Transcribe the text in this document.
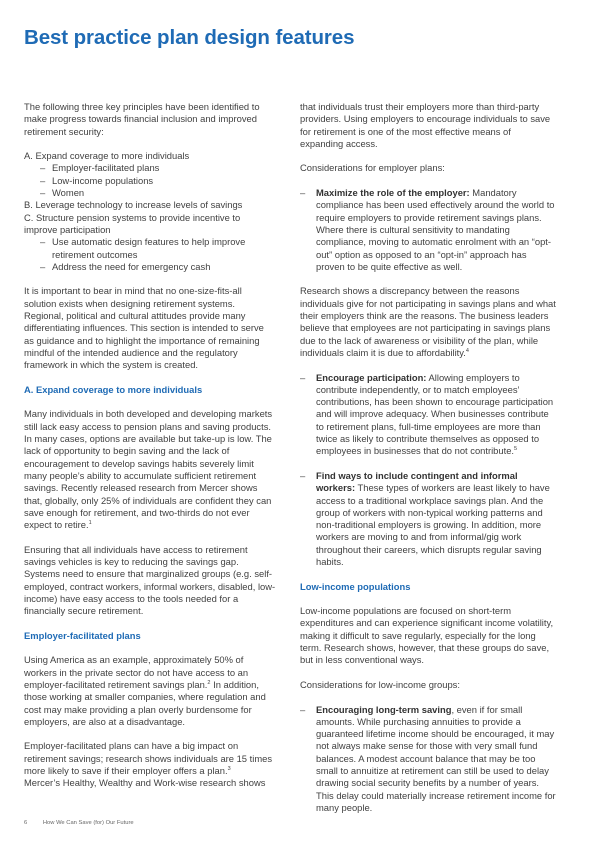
Best practice plan design features

The following three key principles have been identified to make progress towards financial inclusion and improved retirement security:

A. Expand coverage to more individuals

– Employer-facilitated plans

– Low-income populations

– Women

B. Leverage technology to increase levels of savings

C. Structure pension systems to provide incentive to improve participation

– Use automatic design features to help improve retirement outcomes

– Address the need for emergency cash

It is important to bear in mind that no one-size-fits-all solution exists when designing retirement systems. Regional, political and cultural attitudes provide many differentiating influences. This section is intended to serve as guidance and to highlight the importance of remaining mindful of the intended audience and the regulatory framework in which the system is created.

A. Expand coverage to more individuals

Many individuals in both developed and developing markets still lack easy access to pension plans and saving products. In many cases, options are available but take-up is low. The lack of opportunity to begin saving and the lack of encouragement to develop savings habits severely limit many people’s ability to accumulate sufficient retirement savings. Recently released research from Mercer shows that, globally, only 25% of individuals are confident they can save enough for retirement, and two-thirds do not ever expect to retire.$^1$

Ensuring that all individuals have access to retirement savings vehicles is key to reducing the savings gap. Systems need to ensure that marginalized groups (e.g. self-employed, contract workers, informal workers, disabled, low-income) have easy access to the tools needed for a financially secure retirement.

Employer-facilitated plans

Using America as an example, approximately 50% of workers in the private sector do not have access to an employer-facilitated retirement savings plan.$^2$ In addition, those working at smaller companies, where regulation and cost may make providing a plan overly burdensome for employers, are also at a disadvantage.

Employer-facilitated plans can have a big impact on retirement savings; research shows individuals are 15 times more likely to save if their employer offers a plan.$^3$
Mercer’s Healthy, Wealthy and Work-wise research shows

that individuals trust their employers more than third-party providers. Using employers to encourage individuals to save for retirement is one of the most effective means of expanding access.

Considerations for employer plans:

– Maximize the role of the employer: Mandatory compliance has been used effectively around the world to require employers to provide retirement savings plans. Where there is cultural sensitivity to mandating compliance, moving to automatic enrolment with an “opt-out” option as opposed to an “opt-in” approach has proven to be quite effective as well.

Research shows a discrepancy between the reasons individuals give for not participating in savings plans and what their employers think are the reasons. The business leaders believe that employees are not participating in savings plans due to the lack of awareness or visibility of the plan, while individuals claim it is due to affordability.$^4$

– Encourage participation: Allowing employers to contribute independently, or to match employees’ contributions, has been shown to encourage participation and will improve adequacy. When businesses contribute to retirement plans, full-time employees are more than twice as likely to contribute themselves as opposed to employees in businesses that do not contribute.$^5$

– Find ways to include contingent and informal workers: These types of workers are least likely to have access to a traditional workplace savings plan. And the group of workers with non-typical working patterns and non-traditional employers is growing. In addition, more workers are moving to and from informal/gig work throughout their careers, which disrupts regular saving habits.

Low-income populations

Low-income populations are focused on short-term expenditures and can experience significant income volatility, making it difficult to save regularly, especially for the long term. Research shows, however, that these groups do save, but in less conventional ways.

Considerations for low-income groups:

– Encouraging long-term saving, even if for small amounts. While purchasing annuities to provide a guaranteed lifetime income should be encouraged, it may not always make sense for those with very small fund balances. A modest account balance that may be too small to annuitize at retirement can still be used to delay drawing social security benefits by a number of years. This delay could materially increase retirement income for many people.

6	How We Can Save (for) Our Future
